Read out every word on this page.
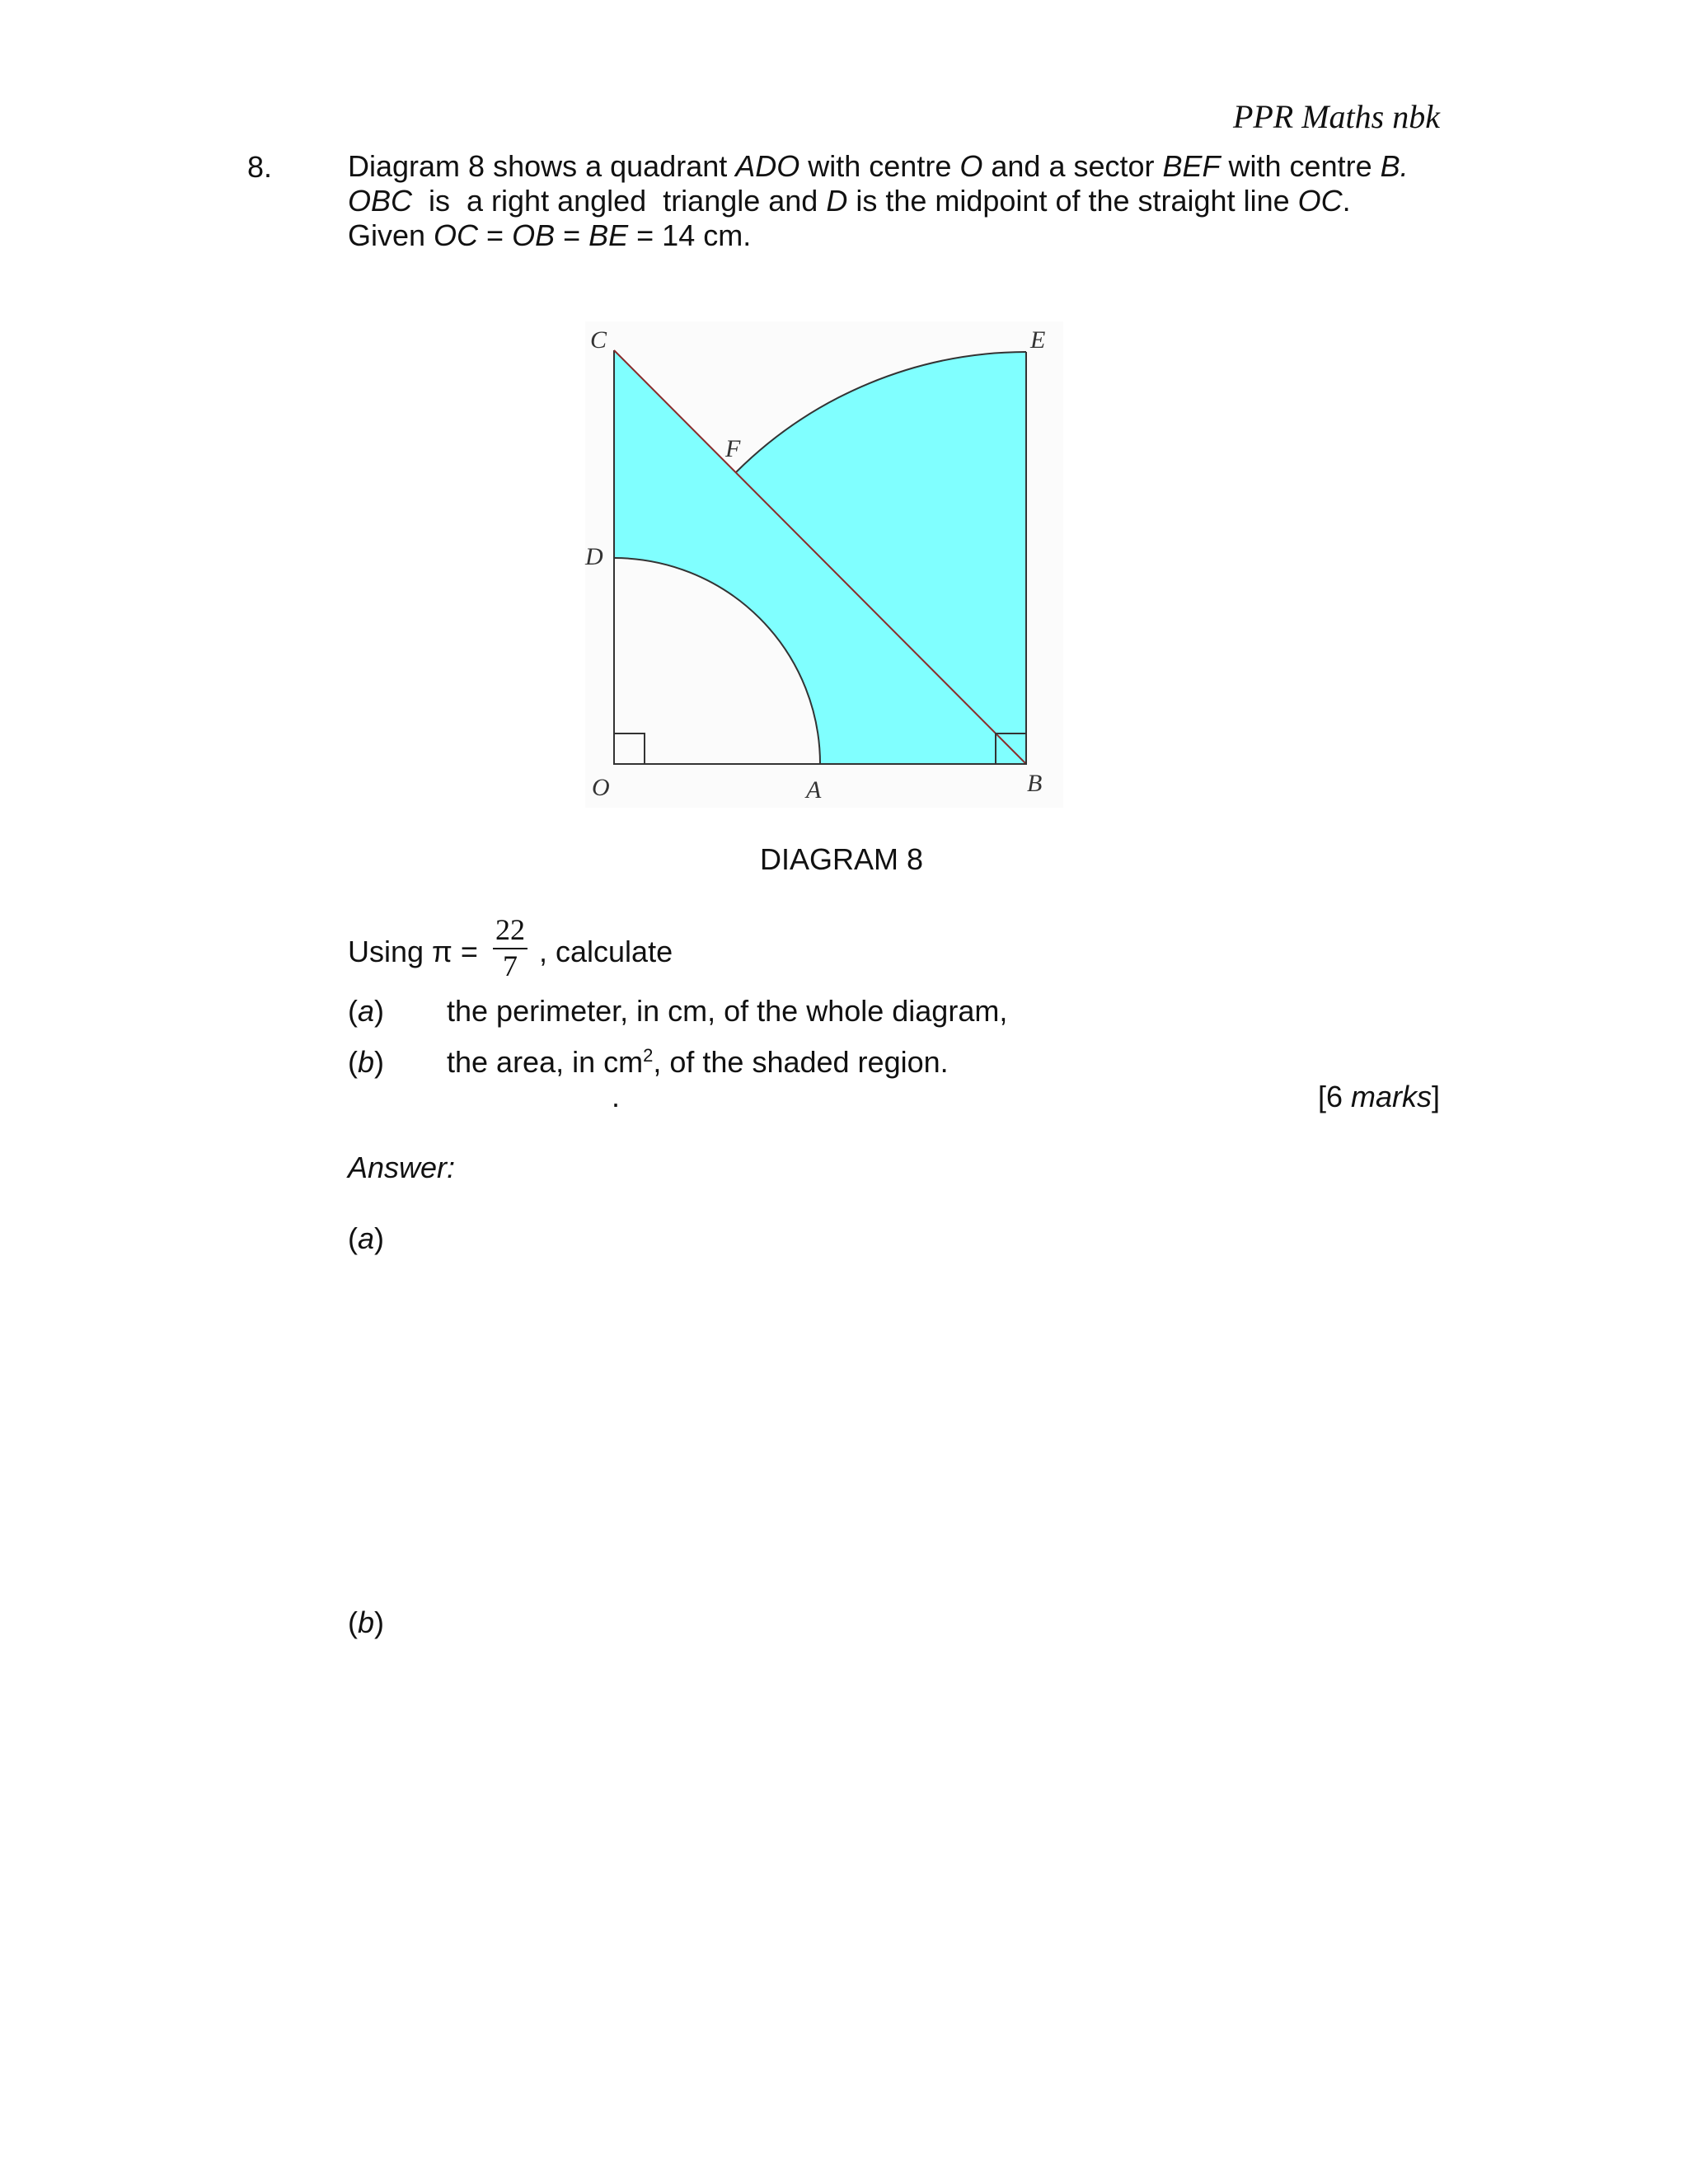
PPR Maths nbk
8.	Diagram 8 shows a quadrant ADO with centre O and a sector BEF with centre B.
OBC  is  a right angled  triangle and D is the midpoint of the straight line OC.
Given OC = OB = BE = 14 cm.
C	E
F
D
O	A	B
DIAGRAM 8
Using π =
22
7 , calculate
(a) the perimeter, in cm, of the whole diagram,
(b) the area, in $cm^2$, of the shaded region.
.	[6 marks]
Answer:
(a)
(b)
